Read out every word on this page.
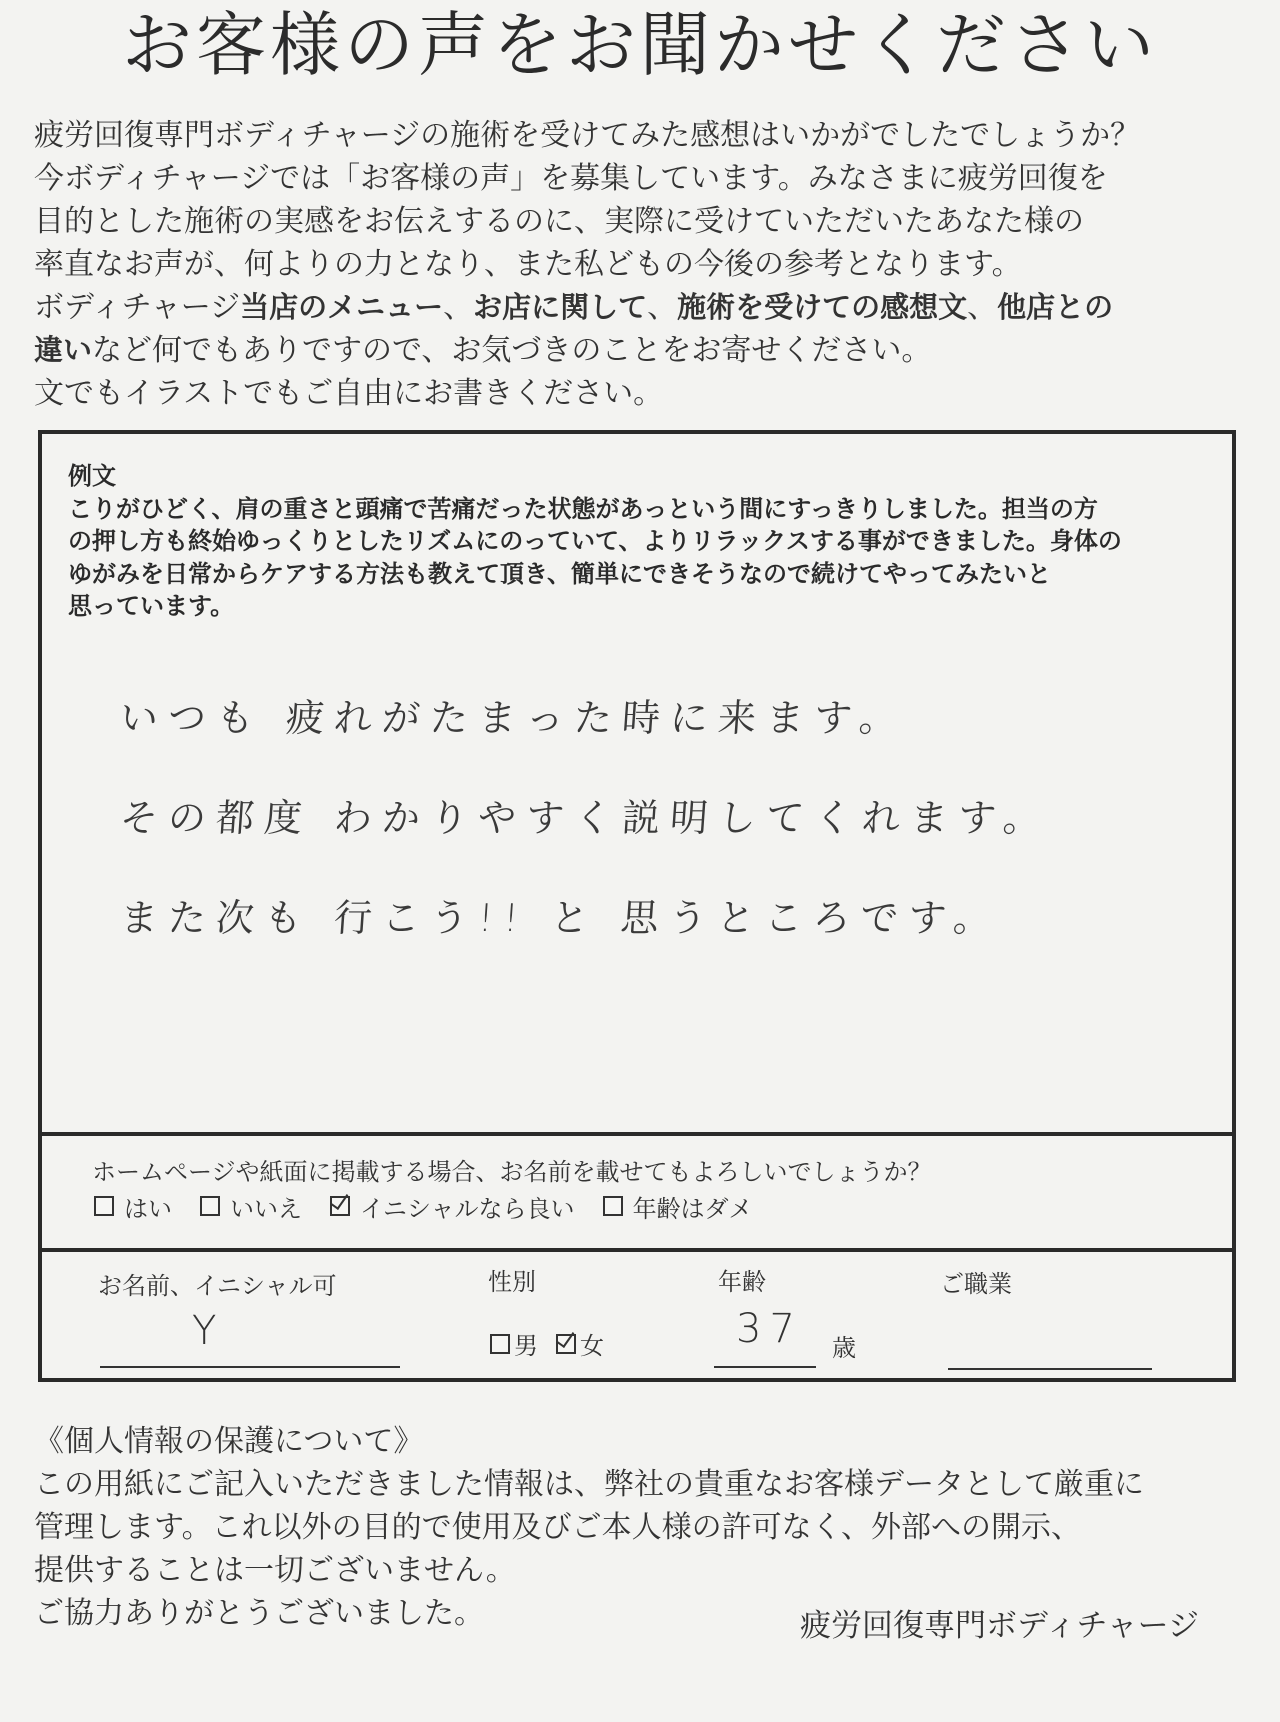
お客様の声をお聞かせください

疲労回復専門ボディチャージの施術を受けてみた感想はいかがでしたでしょうか？

今ボディチャージでは「お客様の声」を募集しています。みなさまに疲労回復を

目的とした施術の実感をお伝えするのに、実際に受けていただいたあなた様の

率直なお声が、何よりの力となり、また私どもの今後の参考となります。

ボディチャージ当店のメニュー、お店に関して、施術を受けての感想文、他店との

違いなど何でもありですので、お気づきのことをお寄せください。

文でもイラストでもご自由にお書きください。

例文
こりがひどく、肩の重さと頭痛で苦痛だった状態があっという間にすっきりしました。担当の方
の押し方も終始ゆっくりとしたリズムにのっていて、よりリラックスする事ができました。身体の
ゆがみを日常からケアする方法も教えて頂き、簡単にできそうなので続けてやってみたいと
思っています。
いつも 疲れがたまった時に来ます。
その都度 わかりやすく説明してくれます。
また次も 行こう!! と 思うところです。
ホームページや紙面に掲載する場合、お名前を載せてもよろしいでしょうか？
はい いいえ イニシャルなら良い 年齢はダメ
お名前、イニシャル可
Y
性別
男 女
年齢
37 歳
ご職業

《個人情報の保護について》

この用紙にご記入いただきました情報は、弊社の貴重なお客様データとして厳重に

管理します。これ以外の目的で使用及びご本人様の許可なく、外部への開示、

提供することは一切ございません。

ご協力ありがとうございました。	疲労回復専門ボディチャージ
